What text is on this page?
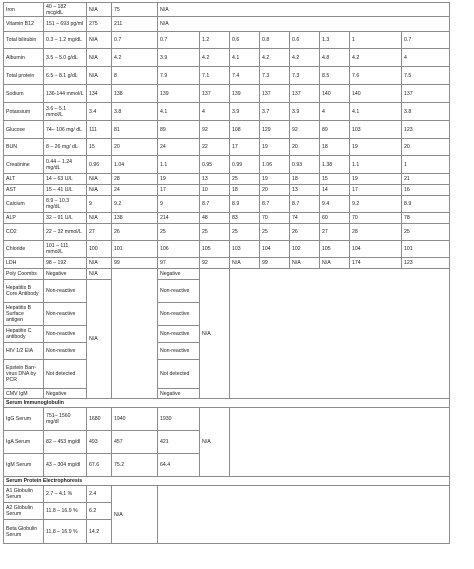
Iron	40 – 182 mcg/dL	N/A	75	N/A							
Vitamin B12	151 – 693 pg/ml	275	211	N/A							
Total bilirubin	0.3 – 1.2 mg/dL	N/A	0.7	0.7	1.2	0.6	0.8	0.6	1.3	1	0.7
Albumin	3.5 – 5.0 g/dL	N/A	4.2	3.9	4.2	4.1	4.2	4.2	4.8	4.2	4
Total protein	6.5 – 8.1 g/dL	N/A	8	7.9	7.1	7.4	7.3	7.3	8.5	7.6	7.5
Sodium	136-144 mmol/L	134	138	139	137	139	137	137	140	140	137
Potassium	3.6 – 5.1 mmol/L	3.4	3.8	4.1	4	3.9	3.7	3.9	4	4.1	3.8
Glucose	74– 106 mg/ dL	111	81	89	92	108	129	92	89	103	123
BUN	8 – 26 mg/ dL	15	20	24	22	17	19	20	18	19	20
Creatinine	0.44 – 1.24 mg/dL	0.96	1.04	1.1	0.95	0.99	1.06	0.93	1.38	1.1	1
ALT	14 – 63 U/L	N/A	28	19	13	25	19	18	15	19	21
AST	15 – 41 U/L	N/A	24	17	10	18	20	13	14	17	16
Calcium	8.9 – 10.3 mg/dL	9	9.2	9	8.7	8.9	8.7	8.7	9.4	9.2	8.9
ALP	32 – 91 U/L	N/A	138	214	48	83	70	74	60	70	78
CO2	22 – 32 mmol/L	27	26	25	25	25	25	26	27	28	25
Chloride	101 – 111 mmol/L	100	101	106	105	103	104	102	105	104	101
LDH	98 – 192	N/A	99	97	92	N/A	99	N/A	N/A	174	123
Poly Coombs	Negative	N/A		Negative	N/A						
Hepatitis B Core Antibody	Non-reactive	N/A		Non-reactive							
Hepatitis B Surface antigen	Non-reactive			Non-reactive							
Hepatitis C antibody	Non-reactive			Non-reactive							
HIV 1/2 EIA	Non-reactive			Non-reactive							
Epstein Barr-virus DNA by PCR	Not detected			Not detected							
CMV IgM	Negative			Negative							
Serum Immunoglobulin											
IgG Serum	751– 1560 mg/dl	1680	1940	1930	N/A						
IgA Serum	82 – 453 mg/dl	493	457	421							
IgM Serum	43 – 304 mg/dl	67.6	75.2	64.4							
Serum Protein Electrophoresis											
A1 Globulin Serum	2.7 – 4.1 %	2.4	N/A								
A2 Globulin Serum	11.8 – 16.9 %	6.2									
Beta Globulin Serum	11.8 – 16.9 %	14.2									
